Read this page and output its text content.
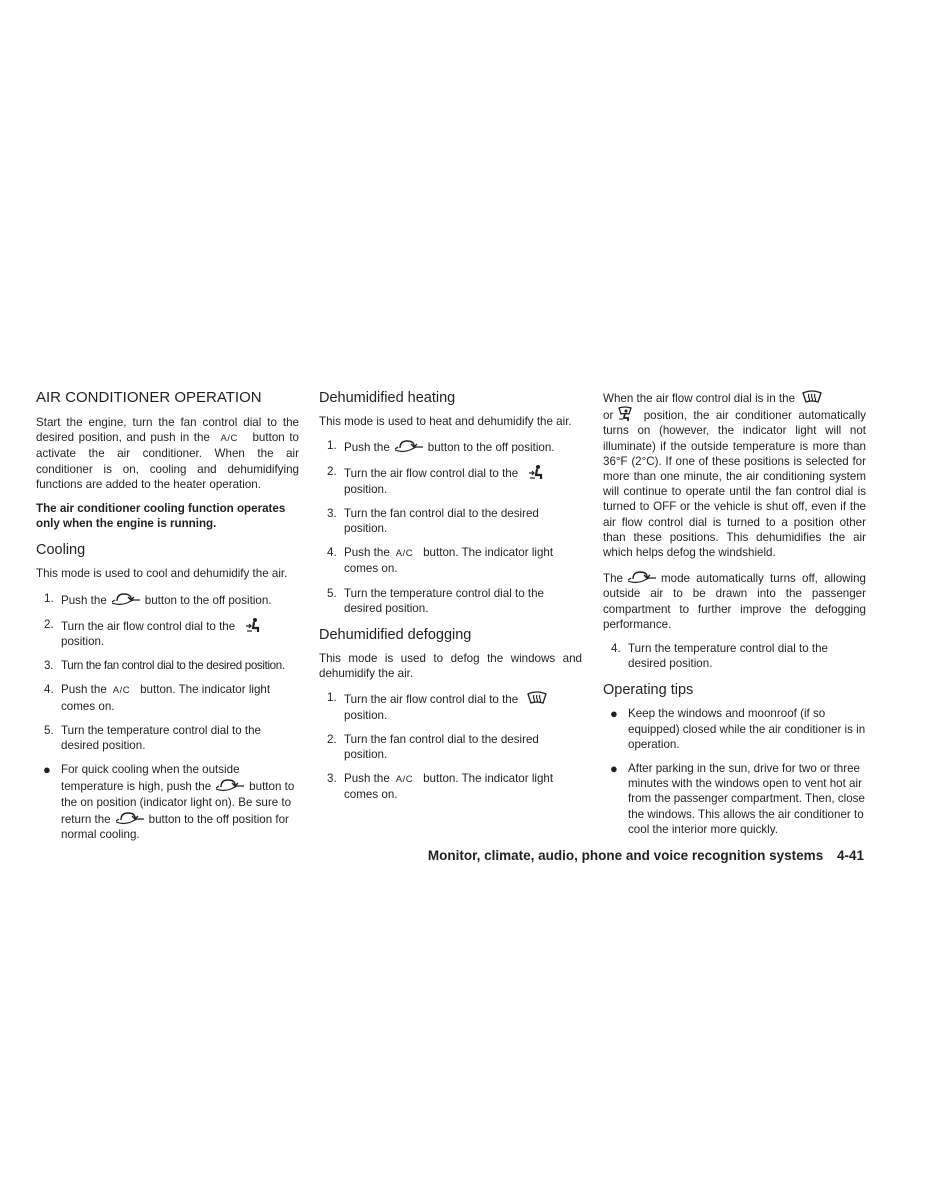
AIR CONDITIONER OPERATION

Start the engine, turn the fan control dial to the desired position, and push in the A/C button to activate the air conditioner. When the air conditioner is on, cooling and dehumidifying functions are added to the heater operation.

The air conditioner cooling function operates only when the engine is running.

Cooling

This mode is used to cool and dehumidify the air.

1. Push the	button to the off position.
2. Turn the air flow control dial to the
position.
3. Turn the fan control dial to the desired position.
4. Push the A/C button. The indicator light comes on.
5. Turn the temperature control dial to the desired position.
● For quick cooling when the outside temperature is high, push the	button to the on position (indicator light on). Be sure to return the	button to the off position for normal cooling.
Dehumidified heating

This mode is used to heat and dehumidify the air.

1. Push the	button to the off position.
2. Turn the air flow control dial to the
position.
3. Turn the fan control dial to the desired position.
4. Push the A/C button. The indicator light comes on.
5. Turn the temperature control dial to the desired position.
Dehumidified defogging

This mode is used to defog the windows and dehumidify the air.

1. Turn the air flow control dial to the
position.
2. Turn the fan control dial to the desired position.
3. Push the A/C button. The indicator light comes on.

When the air flow control dial is in the
or	position, the air conditioner automatically turns on (however, the indicator light will not illuminate) if the outside temperature is more than 36°F (2°C). If one of these positions is selected for more than one minute, the air conditioning system will continue to operate until the fan control dial is turned to OFF or the vehicle is shut off, even if the air flow control dial is turned to a position other than these positions. This dehumidifies the air which helps defog the windshield.

The	mode automatically turns off, allowing outside air to be drawn into the passenger compartment to further improve the defogging performance.

4. Turn the temperature control dial to the desired position.
Operating tips
● Keep the windows and moonroof (if so equipped) closed while the air conditioner is in operation.
● After parking in the sun, drive for two or three minutes with the windows open to vent hot air from the passenger compartment. Then, close the windows. This allows the air conditioner to cool the interior more quickly.
Monitor, climate, audio, phone and voice recognition systems 4-41
